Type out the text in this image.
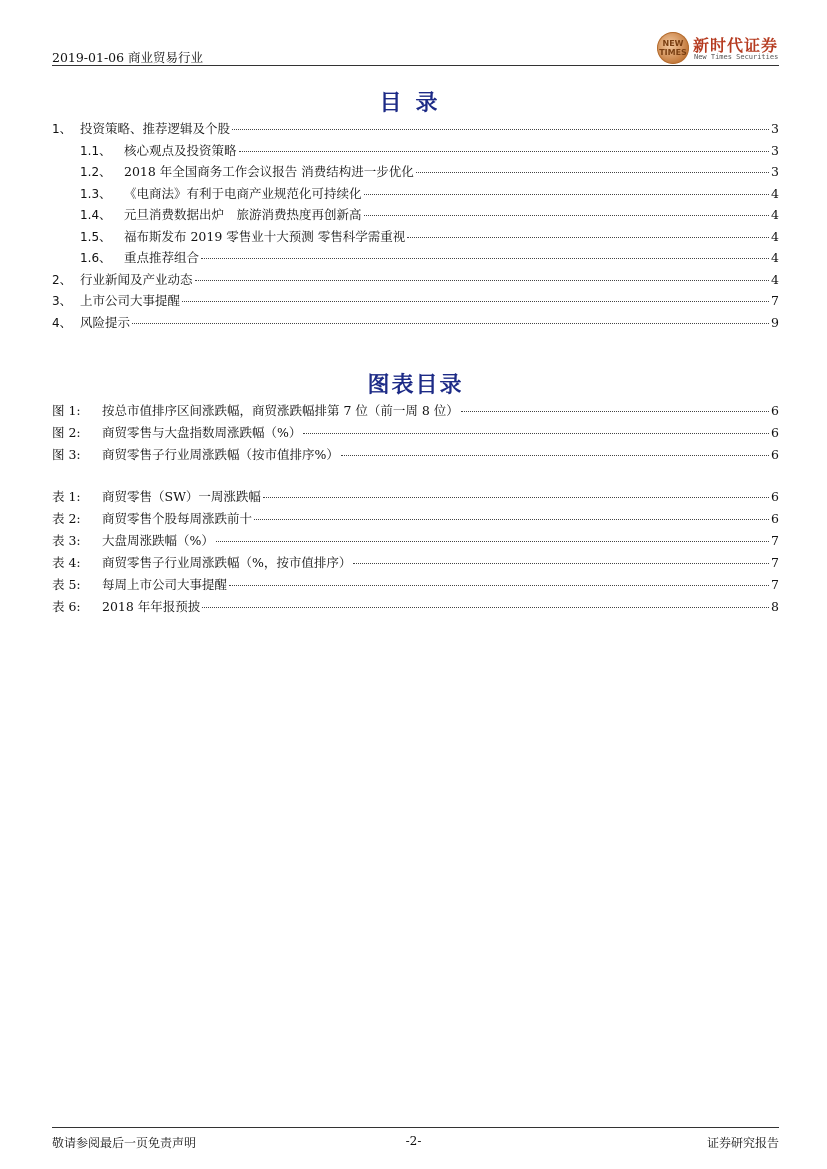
2019-01-06 商业贸易行业
NEW
TIMES 新时代证券
New Times Securities
目录
1、 投资策略、推荐逻辑及个股	3
1.1、	核心观点及投资策略	3
1.2、	2018 年全国商务工作会议报告 消费结构进一步优化	3
1.3、	《电商法》有利于电商产业规范化可持续化	4
1.4、	元旦消费数据出炉　旅游消费热度再创新高	4
1.5、	福布斯发布 2019 零售业十大预测 零售科学需重视	4
1.6、	重点推荐组合	4
2、 行业新闻及产业动态	4
3、 上市公司大事提醒	7
4、 风险提示	9
图表目录
图 1:	按总市值排序区间涨跌幅，商贸涨跌幅排第 7 位（前一周 8 位）	6
图 2:	商贸零售与大盘指数周涨跌幅（%）	6
图 3:	商贸零售子行业周涨跌幅（按市值排序%）	6
表 1:	商贸零售（SW）一周涨跌幅	6
表 2:	商贸零售个股每周涨跌前十	6
表 3:	大盘周涨跌幅（%）	7
表 4:	商贸零售子行业周涨跌幅（%，按市值排序）	7
表 5:	每周上市公司大事提醒	7
表 6:	2018 年年报预披	8
敬请参阅最后一页免责声明	-2-	证券研究报告
